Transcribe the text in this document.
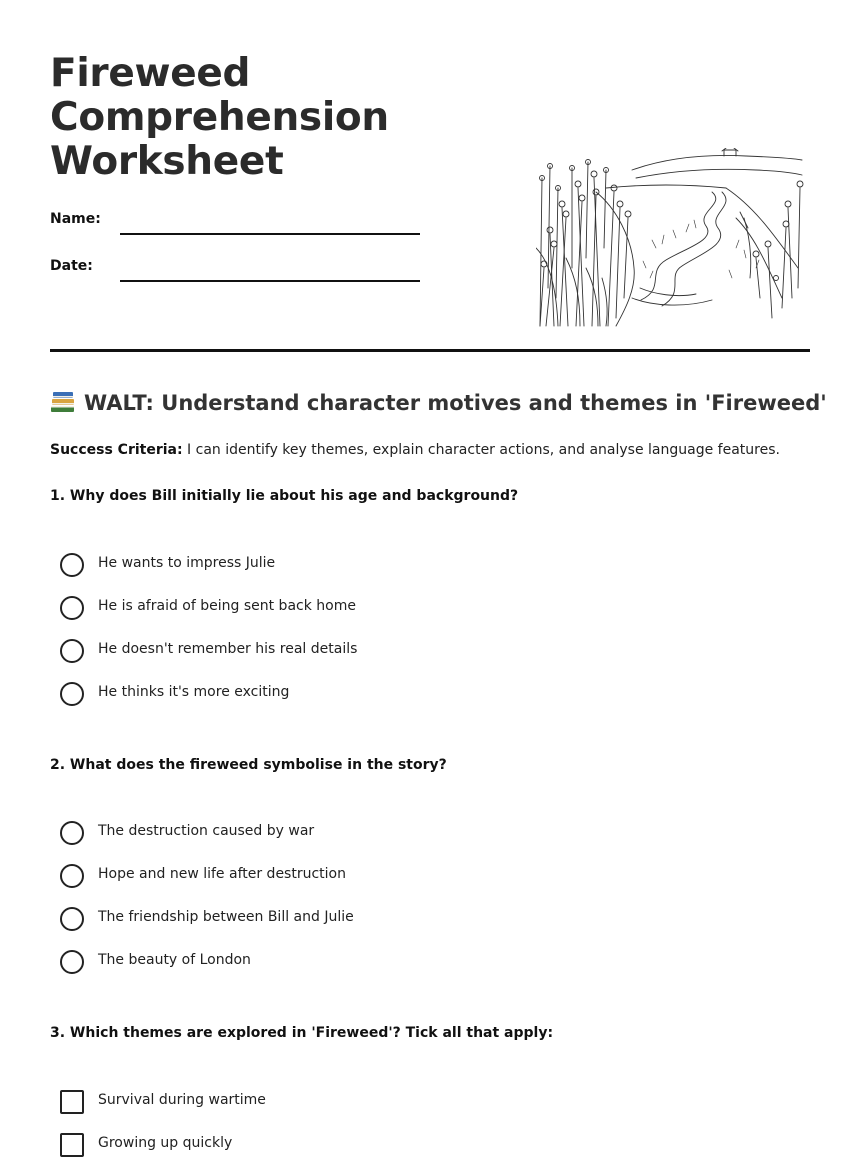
Fireweed
Comprehension
Worksheet
Name:
Date:
WALT: Understand character motives and themes in 'Fireweed'
Success Criteria: I can identify key themes, explain character actions, and analyse language features.
1. Why does Bill initially lie about his age and background?
He wants to impress Julie
He is afraid of being sent back home
He doesn't remember his real details
He thinks it's more exciting
2. What does the fireweed symbolise in the story?
The destruction caused by war
Hope and new life after destruction
The friendship between Bill and Julie
The beauty of London
3. Which themes are explored in 'Fireweed'? Tick all that apply:
Survival during wartime
Growing up quickly
